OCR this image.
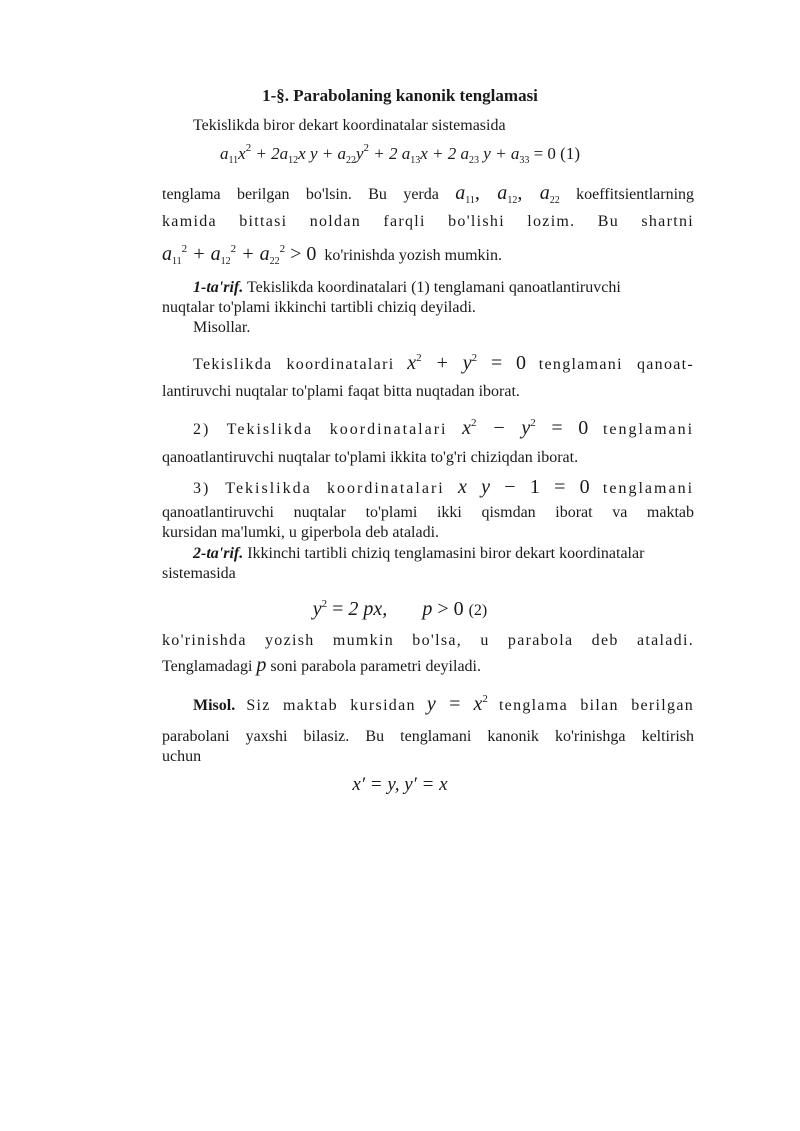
1-§. Parabolaning kanonik tenglamasi
Tekislikda biror dekart koordinatalar sistemasida
$a_{11}x^2 + 2a_{12}x$ $y + a_{22}y^2 + 2$ $a_{13}x + 2$ $a_{23}$ $y + a_{33} = 0$ (1)
tenglama berilgan bo'lsin. Bu yerda $a_{11}$, $a_{12}$, $a_{22}$ koeffitsientlarning
kamida bittasi noldan farqli bo'lishi lozim. Bu shartni
$a_{11}^2 + a_{12}^2 + a_{22}^2 > 0$ ko'rinishda yozish mumkin.
1-ta'rif. Tekislikda koordinatalari (1) tenglamani qanoatlantiruvchi
nuqtalar to'plami ikkinchi tartibli chiziq deyiladi.
Misollar.
Tekislikda koordinatalari $x^2 + y^2 = 0$ tenglamani qanoat-
lantiruvchi nuqtalar to'plami faqat bitta nuqtadan iborat.
2) Tekislikda koordinatalari $x^2 - y^2 = 0$ tenglamani
qanoatlantiruvchi nuqtalar to'plami ikkita to'g'ri chiziqdan iborat.
3) Tekislikda koordinatalari x y − 1 = 0 tenglamani
qanoatlantiruvchi nuqtalar to'plami ikki qismdan iborat va maktab
kursidan ma'lumki, u giperbola deb ataladi.
2-ta'rif. Ikkinchi tartibli chiziq tenglamasini biror dekart koordinatalar
sistemasida
$y^2 = 2$ px, p > 0 (2)
ko'rinishda yozish mumkin bo'lsa, u parabola deb ataladi.
Tenglamadagi p soni parabola parametri deyiladi.
Misol. Siz maktab kursidan $y = x^2$ tenglama bilan berilgan
parabolani yaxshi bilasiz. Bu tenglamani kanonik ko'rinishga keltirish
uchun
x′ = y, y′ = x
